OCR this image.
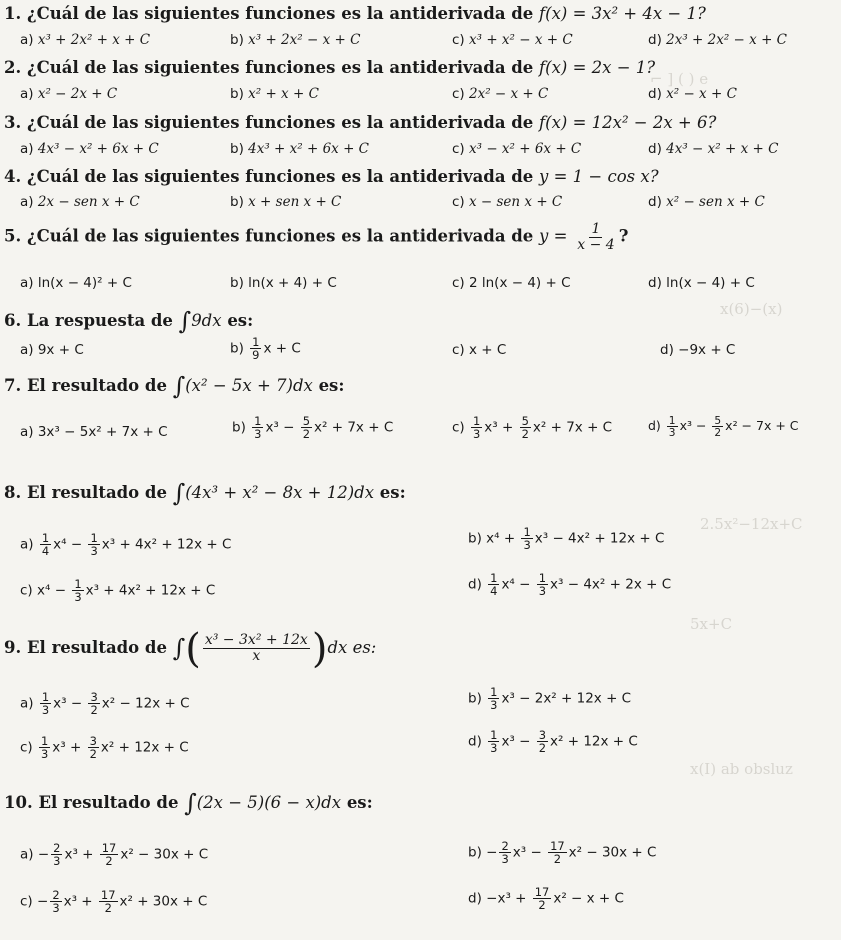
⌐ ] ( ) e
x(6)−(x)
2.5x²−12x+C
5x+C
x(I) ab obsluz
1. ¿Cuál de las siguientes funciones es la antiderivada de f(x) = 3x² + 4x − 1?
a) x³ + 2x² + x + C	b) x³ + 2x² − x + C	c) x³ + x² − x + C	d) 2x³ + 2x² − x + C
2. ¿Cuál de las siguientes funciones es la antiderivada de f(x) = 2x − 1?
a) x² − 2x + C	b) x² + x + C	c) 2x² − x + C	d) x² − x + C
3. ¿Cuál de las siguientes funciones es la antiderivada de f(x) = 12x² − 2x + 6?
a) 4x³ − x² + 6x + C	b) 4x³ + x² + 6x + C	c) x³ − x² + 6x + C	d) 4x³ − x² + x + C
4. ¿Cuál de las siguientes funciones es la antiderivada de y = 1 − cos x?
a) 2x − sen x + C	b) x + sen x + C	c) x − sen x + C	d) x² − sen x + C
5. ¿Cuál de las siguientes funciones es la antiderivada de $y = \frac{1}{x - 4}$ ?
a) ln(x − 4)² + C	b) ln(x + 4) + C	c) 2 ln(x − 4) + C	d) ln(x − 4) + C
6. La respuesta de ∫9dx es:
a) 9x + C	$b) \frac{1}{9}$ x + C	c) x + C	d) −9x + C
7. El resultado de ∫(x² − 5x + 7)dx es:
a) 3x³ − 5x² + 7x + C	$b) \frac{1}{3} x^3 - \frac{5}{2} x^2 + 7x + C$	$c) \frac{1}{3} x^3 + \frac{5}{2} x^2 + 7x + C$	$d) \frac{1}{3} x^3 - \frac{5}{2} x^2 - 7x + C$
8. El resultado de ∫(4x³ + x² − 8x + 12)dx es:
$a) \frac{1}{4} x^4 - \frac{1}{3} x^3 + 4x^2 + 12x + C$	b) $x^4 + \frac{1}{3} x^3 - 4x^2 + 12x + C$
c) $x^4 - \frac{1}{3} x^3 + 4x^2 + 12x + C$	$d) \frac{1}{4} x^4 - \frac{1}{3} x^3 - 4x^2 + 2x + C$
9. El resultado de ∫( $\frac{\text{x³ − 3x² + 12x}}{x} )dx$ es:
$a) \frac{1}{3} x^3 - \frac{3}{2} x^2 - 12x + C$	$b) \frac{1}{3} x^3 - 2x^2 + 12x + C$
$c) \frac{1}{3} x^3 + \frac{3}{2} x^2 + 12x + C$	$d) \frac{1}{3} x^3 - \frac{3}{2} x^2 + 12x + C$
10. El resultado de ∫(2x − 5)(6 − x)dx es:
$a) - \frac{2}{3} x^3 + \frac{17}{2} x^2 - 30x + C$	$b) - \frac{2}{3} x^3 - \frac{17}{2} x^2 - 30x + C$
$c) - \frac{2}{3} x^3 + \frac{17}{2} x^2 + 30x + C$	$d) -x^3 + \frac{17}{2} x^2 - x + C$
